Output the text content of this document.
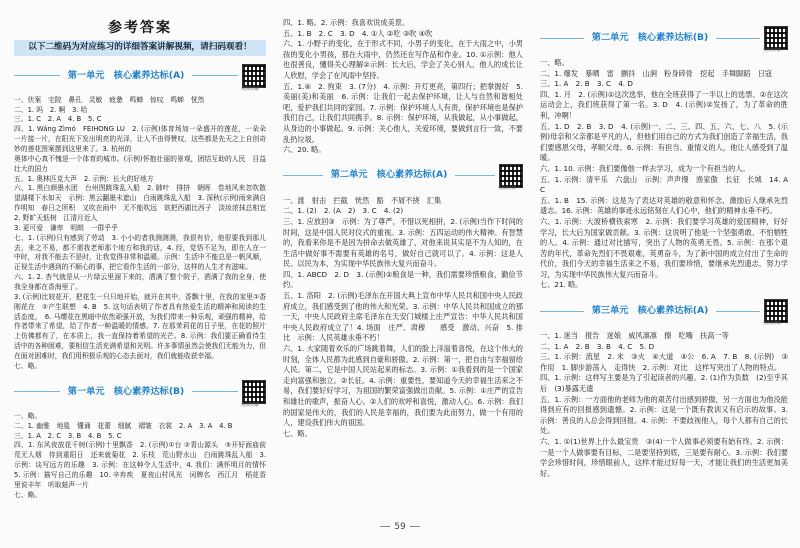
参考答案
以下二维码为对应练习的详细答案讲解视频，请扫码观看！
第一单元　核心素养达标(A)
视频讲解

一、伏案　宅院　鼻孔　灵敏　疲惫　鸣蝉　惊叹　鸣蝉　恍然

二、1. 吗　2. 啊　3. 哈

三、1. C　2. A　4. B　5. C

四、1. Wáng Zìmó　FEIHONG LU　2. (示例)体育场加一朵盛开的莲花，一朵朵一片接一片，在阳光下发出明亮的光泽，让人不由得赞叹，这些都是先天之上自创奇妙的莲花图案摆到这里来了。3. 杭州的

奥体中心真不愧是一个体育的城市。(示例)怀抱壮丽的景观，团结互助的人民　目益壮大的国力

五、1. 奥林匹克大声　2. 示例：长大的好地方

六、1. 黑白颜墨水团　台州图跳珠乱入船　2. 肺叶　排挤　朝晖　卷地风来忽吹散　望湖楼下水如天　示例：黑云翻墨未遮山　白雨跳珠乱入船　3. 深秋(示例)雨来满自作明知　春日之所积　又吹在雨中　无不能吹远　欲把西湖比西子　淡妆浓抹总相宜　2. 野旷天低树　江清月近人

3. 更可爱　谦卑　明朗　一群乎乎

七、1. (示例)只有感到了劳动　3. 小小的者我测测测，我很有价，他很要我到那儿去，来之不易，都不需我老师那个地方和我的话，4. 经，觉悟不足为，即在人在一中时，对我不能去不是时，让我觉得非常和温暖。示例：生活中不能总是一帆风顺，正视生活中遇到的不顺心的事，把它看作生活的一部分，这样的人生才有滋味。

六、1. 2. 杏气就是从一片绿云里溜下来的，洒满了整个院子，洒满了我的全身，使我全身都在香海里了。

3. (示例)比较花开，把花生一只只地开始，就开在其中，香飘十里，在我的家里①香刚花在　②产生联想　4. B　5. 这句话表明了作者具有热爱生活的精神和阅读的生活态度。　6. 马缨花在黑暗中依然顽强开放，为我们带来一种乐观，顽强的精神，给作者带来了希望，给了作者一种温暖的情感。7. 在那茉莉花的日子里，在花的照片上仿佛都有了，在本质上，我一直保持着希望的光芒。8. 示例：我们要正确看待生活中的各种困难，要相信生活充满希望和光明。许多事情虽然会使我们无能为力，但在面对困难时，我们用积极乐观的心态去面对，我们就能收获幸福。

七、略。

第一单元　核心素养达标(B)
视频讲解

一、略。

二、1. 幽雅　地毯　懂诵　花蕾　细腻　褶皱　衣裳　2. A　3. A　4. B

三、1. A　2. C　3. B　4. B　5. C

四、1. 东风夜放花千树(示例)十里飘香　2. (示例)①台 ②青山源头　③开好面庙前　荒无人烟　待到重阳日　还来就菊花　2. 乐枝　荒山野水山　白雨跳珠乱入船　3. 示例：谈写远方的乐趣　3. 示例：在这种令人生活中，4. 我们：满怀明月的情怀　5. 示例：描写自己的乐趣　10. 辛弃疾　夏夜山村风光　词牌名　西江月　稻花香里说丰年　听取蛙声一片

七、略。

四、1. 略。2. 示例：我喜欢说成美景。

五、1. B　2. C　3. D　4. ①人 ②吃 ③吹 ④吹

六、1. 小野子的变化，在于形式不同，小男子的变化，在于大雨之中，小男孩的变化小男孩，那在大雨中，仍然还在写作品和作业。10. ①示例：他人也很善良，懂得关心理解②示例：长大后，学会了关心别人，他人的成长让人欣慰，学会了在风雨中坚持。

五、1.④　2. 拘束　3. (7分)　4. 示例：开灯更亮，第四行；把掌握好　5. 美丽(美)和美丽　6. 示例：让我们一起去保护环境，让人与自然和谐相处吧，爱护我们共同的家园。7. 示例：保护环境人人有责，保护环境也是保护我们自己，让我们共同携手。8. 示例：保护环境，从我做起，从小事做起，从身边的小事做起。9. 示例：关心他人，关爱环境，要做到言行一致，不要乱扔垃圾。

六、20. 略。

第二单元　核心素养达标(A)
视频讲解

一、渡　射击　拦截　恍然　豁　不屑不挠　汇集

二、1. (2)　2. (A　2)　3. C　4. (2)

三、1. 应放回③　示例：为了尊严，不惜以死相拼，2. (示例)当作下时间的时间，这是中国人民对仪式的重视。3. 示例：五四运动的伟大精神。有智慧的，我看来你是不是因为拼命去做英雄了，对他来说其实是不为人知的，在生活中做好事不需要有英雄的名号，做好自己就可以了。4. 示例：这是人民、以民为本，为实现中华民族伟大复兴而奋斗。

四、1. ABCD　2. D　3. (示例)②粮食是一种，我们需要珍惜粮食，勤俭节约。

五、1. 洛阳　2. (示例)毛泽东在开国大典上宣布中华人民共和国中央人民政府成立，我们感受到了他的伟大和光荣。3. 示例：中华人民共和国成立的那一天，中央人民政府主席毛泽东在天安门城楼上庄严宣告：中华人民共和国中央人民政府成立了！4. 场面　庄严、肃穆　　感受　激动、兴奋　5. 排比　示例：人民英雄永垂不朽！

六、1. 大家随着欢乐的广场跳着舞，人们的脸上洋溢着喜悦，在这个伟大的时刻，全体人民都为此感到自豪和骄傲。2. 示例：第一，把自由与幸福留给人民。第二，它是中国人民站起来的标志。3. 示例：①我看到的是一个国家走向富强和独立。②长征。4. 示例：重要性，要知道今天的幸福生活来之不易，我们要好好学习，为祖国的繁荣富强做出贡献。5. 示例：①庄严的宣告和雄壮的歌声，振奋人心。②人们的欢呼和喜悦，激动人心。6. 示例：我们的国家是伟大的，我们的人民是幸福的，我们要为此而努力，做一个有用的人，建设我们伟大的祖国。

七、略。

第二单元　核心素养达标(B)
视频讲解

一、略。

二、1. 爆发　暴晒　雷　颤抖　山涧　粉身碎骨　挖起　手舞脚蹈　日寇

三、1. A　2. B　3. C　4. D

四、1. 月　2. (示例)①这次选举，他在全班获得了一半以上的选票。②在这次运动会上，我们班获得了第一名。3. D　4. (示例)②发扬了，为了革命的胜利，冲啊！

五、1. D　2. B　3. D　4. (示例)一、二、三、四、五、六、七、八　5. (示例)母亲和父亲都是平凡的人，但他们用自己的方式为我们创造了幸福生活，我们要感恩父母，孝顺父母。6. 示例：有担当、重情义的人，他让人感受到了温暖。

六、1. 10. 示例：我们要像他一样去学习，成为一个有担当的人。

五、1. 示例：清平乐　六盘山　示例：声声慢　渔家傲　长征　长城　14. A　C

五、1. B　15. 示例：这是为了表达对英雄的敬意和怀念，激励后人继承先烈遗志。16. 示例：英雄的事迹永远铭刻在人们心中，他们的精神永垂不朽。

六、1. 示例：大渡桥横铁索寒　2. 示例：我们要学习英雄的爱国精神，好好学习，长大后为国家做贡献。3. 示例：这说明了他是一个坚强勇敢、不怕牺牲的人。4. 示例：通过对比描写，突出了人物的英勇无畏。5. 示例：在那个艰苦的年代，革命先烈们不畏艰难，英勇奋斗，为了新中国的成立付出了生命的代价，我们今天的幸福生活来之不易，我们要珍惜，要继承先烈遗志，努力学习，为实现中华民族伟大复兴而奋斗。

七、21. 略。

第三单元　核心素养达标(A)
视频讲解

一、1. 迷当　报告　迷娘　威风凛凛　擦　吃嘴　扶高一等

二、1. A　2. B　3. B　4. C　5. D

三、1. 示例：流星　2. 未　③火　④大道　⑤公　6. A　7. B　8. (示例)　③ 作用　1. 脚步游荡入　走得快　2. 示例：对比　这样写突出了人物的特点。

四、1. 示例：这样写主要是为了引起读者的兴趣。2. (1)作为负数　(2)至乎其后　(3)暴露无遗

五、1. 示例：一方面他的老师为他的艰苦付出感到骄傲，另一方面也为他没能得到应有的回报感到遗憾。2. 示例：这是一个既有教训又有启示的故事。3. 示例：善良的人总会得到回报。4. 示例：不要歧视他人，每个人都有自己的长处。

六、1. ①(1)世界上什么最宝贵　③(4)一个人做事必须要有始有终。2. 示例：一是一个人做事要有目标，二是要坚持到底，三是要有耐心。3. 示例：我们要学会珍惜时间，珍惜眼前人，这样才能过好每一天，才能让我们的生活更加美好。

59
